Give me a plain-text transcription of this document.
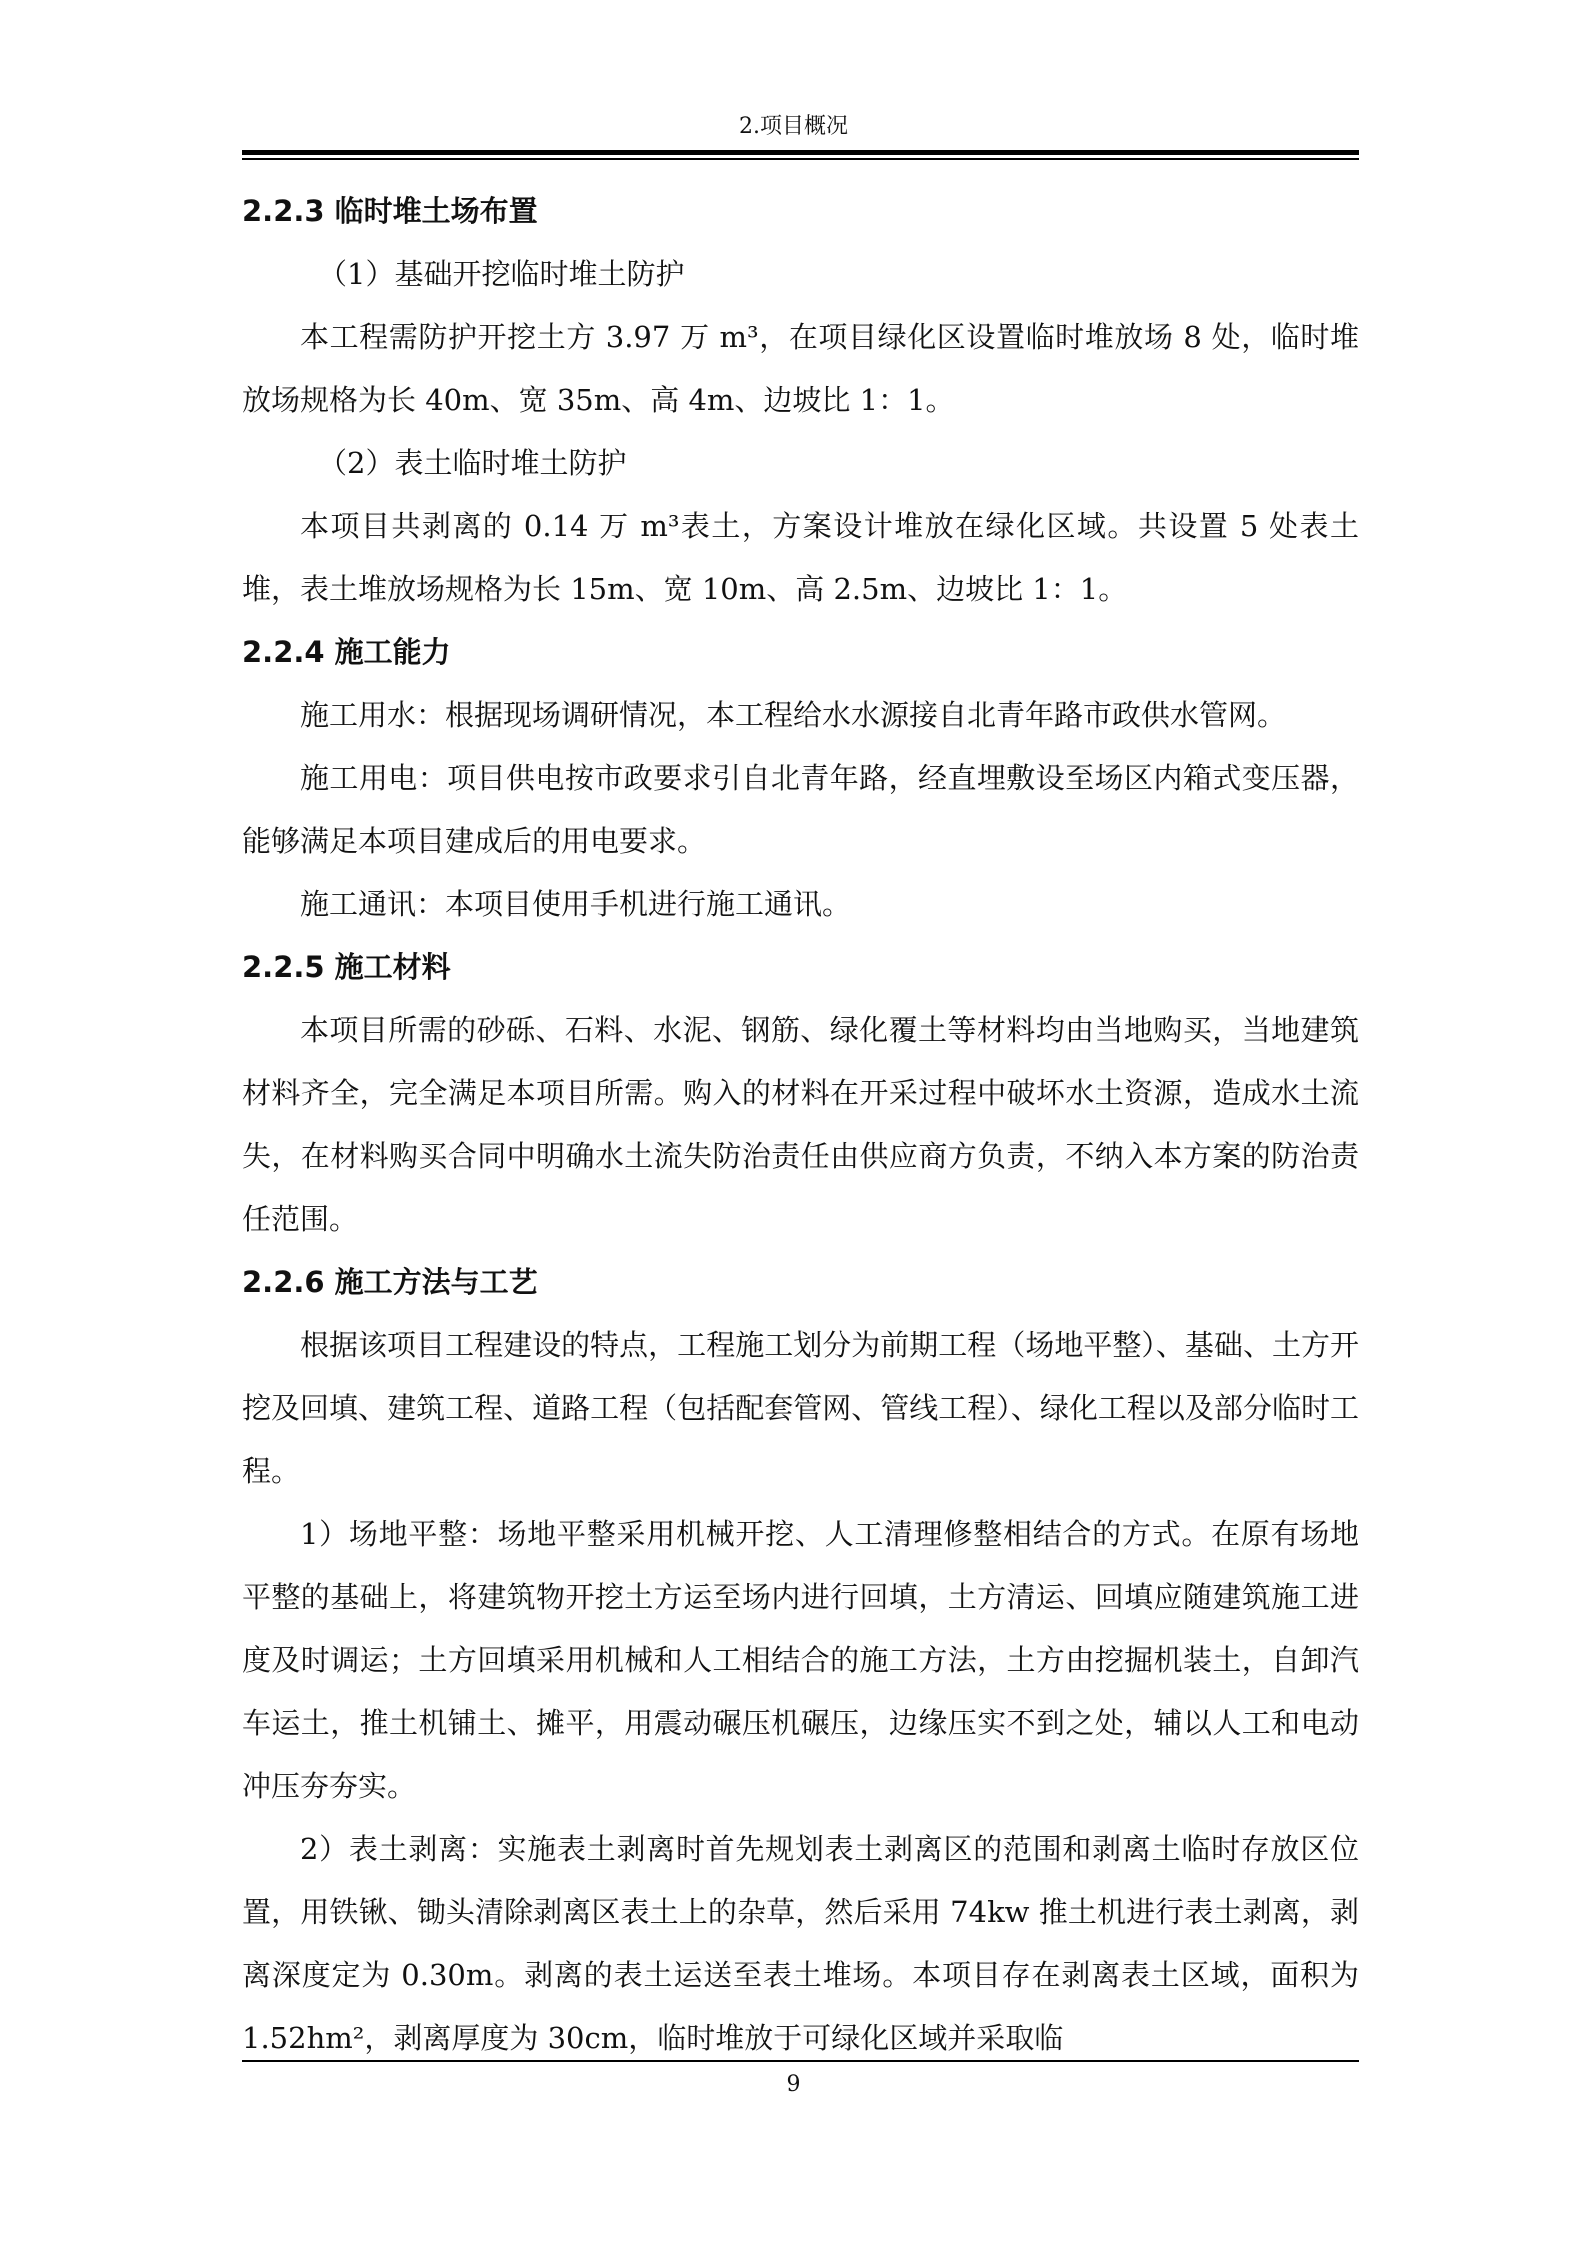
2.项目概况
2.2.3 临时堆土场布置

（1）基础开挖临时堆土防护

本工程需防护开挖土方 3.97 万 m³，在项目绿化区设置临时堆放场 8 处，临时堆放场规格为长 40m、宽 35m、高 4m、边坡比 1：1。

（2）表土临时堆土防护

本项目共剥离的 0.14 万 m³表土，方案设计堆放在绿化区域。共设置 5 处表土堆，表土堆放场规格为长 15m、宽 10m、高 2.5m、边坡比 1：1。

2.2.4 施工能力

施工用水：根据现场调研情况，本工程给水水源接自北青年路市政供水管网。

施工用电：项目供电按市政要求引自北青年路，经直埋敷设至场区内箱式变压器，能够满足本项目建成后的用电要求。

施工通讯：本项目使用手机进行施工通讯。

2.2.5 施工材料

本项目所需的砂砾、石料、水泥、钢筋、绿化覆土等材料均由当地购买，当地建筑材料齐全，完全满足本项目所需。购入的材料在开采过程中破坏水土资源，造成水土流失，在材料购买合同中明确水土流失防治责任由供应商方负责，不纳入本方案的防治责任范围。

2.2.6 施工方法与工艺

根据该项目工程建设的特点，工程施工划分为前期工程（场地平整）、基础、土方开挖及回填、建筑工程、道路工程（包括配套管网、管线工程）、绿化工程以及部分临时工程。

1）场地平整：场地平整采用机械开挖、人工清理修整相结合的方式。在原有场地平整的基础上，将建筑物开挖土方运至场内进行回填，土方清运、回填应随建筑施工进度及时调运；土方回填采用机械和人工相结合的施工方法，土方由挖掘机装土，自卸汽车运土，推土机铺土、摊平，用震动碾压机碾压，边缘压实不到之处，辅以人工和电动冲压夯夯实。

2）表土剥离：实施表土剥离时首先规划表土剥离区的范围和剥离土临时存放区位置，用铁锹、锄头清除剥离区表土上的杂草，然后采用 74kw 推土机进行表土剥离，剥离深度定为 0.30m。剥离的表土运送至表土堆场。本项目存在剥离表土区域，面积为 1.52hm²，剥离厚度为 30cm，临时堆放于可绿化区域并采取临

9
